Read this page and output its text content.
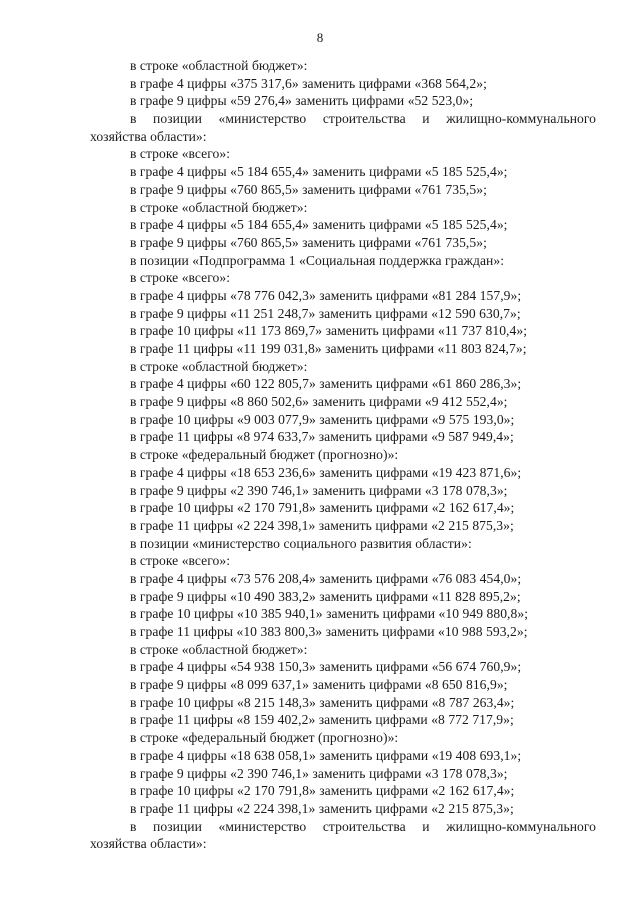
8
в строке «областной бюджет»:
в графе 4 цифры «375 317,6» заменить цифрами «368 564,2»;
в графе 9 цифры «59 276,4» заменить цифрами «52 523,0»;
в позиции «министерство строительства и жилищно-коммунального
хозяйства области»:
в строке «всего»:
в графе 4 цифры «5 184 655,4» заменить цифрами «5 185 525,4»;
в графе 9 цифры «760 865,5» заменить цифрами «761 735,5»;
в строке «областной бюджет»:
в графе 4 цифры «5 184 655,4» заменить цифрами «5 185 525,4»;
в графе 9 цифры «760 865,5» заменить цифрами «761 735,5»;
в позиции «Подпрограмма 1 «Социальная поддержка граждан»:
в строке «всего»:
в графе 4 цифры «78 776 042,3» заменить цифрами «81 284 157,9»;
в графе 9 цифры «11 251 248,7» заменить цифрами «12 590 630,7»;
в графе 10 цифры «11 173 869,7» заменить цифрами «11 737 810,4»;
в графе 11 цифры «11 199 031,8» заменить цифрами «11 803 824,7»;
в строке «областной бюджет»:
в графе 4 цифры «60 122 805,7» заменить цифрами «61 860 286,3»;
в графе 9 цифры «8 860 502,6» заменить цифрами «9 412 552,4»;
в графе 10 цифры «9 003 077,9» заменить цифрами «9 575 193,0»;
в графе 11 цифры «8 974 633,7» заменить цифрами «9 587 949,4»;
в строке «федеральный бюджет (прогнозно)»:
в графе 4 цифры «18 653 236,6» заменить цифрами «19 423 871,6»;
в графе 9 цифры «2 390 746,1» заменить цифрами «3 178 078,3»;
в графе 10 цифры «2 170 791,8» заменить цифрами «2 162 617,4»;
в графе 11 цифры «2 224 398,1» заменить цифрами «2 215 875,3»;
в позиции «министерство социального развития области»:
в строке «всего»:
в графе 4 цифры «73 576 208,4» заменить цифрами «76 083 454,0»;
в графе 9 цифры «10 490 383,2» заменить цифрами «11 828 895,2»;
в графе 10 цифры «10 385 940,1» заменить цифрами «10 949 880,8»;
в графе 11 цифры «10 383 800,3» заменить цифрами «10 988 593,2»;
в строке «областной бюджет»:
в графе 4 цифры «54 938 150,3» заменить цифрами «56 674 760,9»;
в графе 9 цифры «8 099 637,1» заменить цифрами «8 650 816,9»;
в графе 10 цифры «8 215 148,3» заменить цифрами «8 787 263,4»;
в графе 11 цифры «8 159 402,2» заменить цифрами «8 772 717,9»;
в строке «федеральный бюджет (прогнозно)»:
в графе 4 цифры «18 638 058,1» заменить цифрами «19 408 693,1»;
в графе 9 цифры «2 390 746,1» заменить цифрами «3 178 078,3»;
в графе 10 цифры «2 170 791,8» заменить цифрами «2 162 617,4»;
в графе 11 цифры «2 224 398,1» заменить цифрами «2 215 875,3»;
в позиции «министерство строительства и жилищно-коммунального
хозяйства области»:
